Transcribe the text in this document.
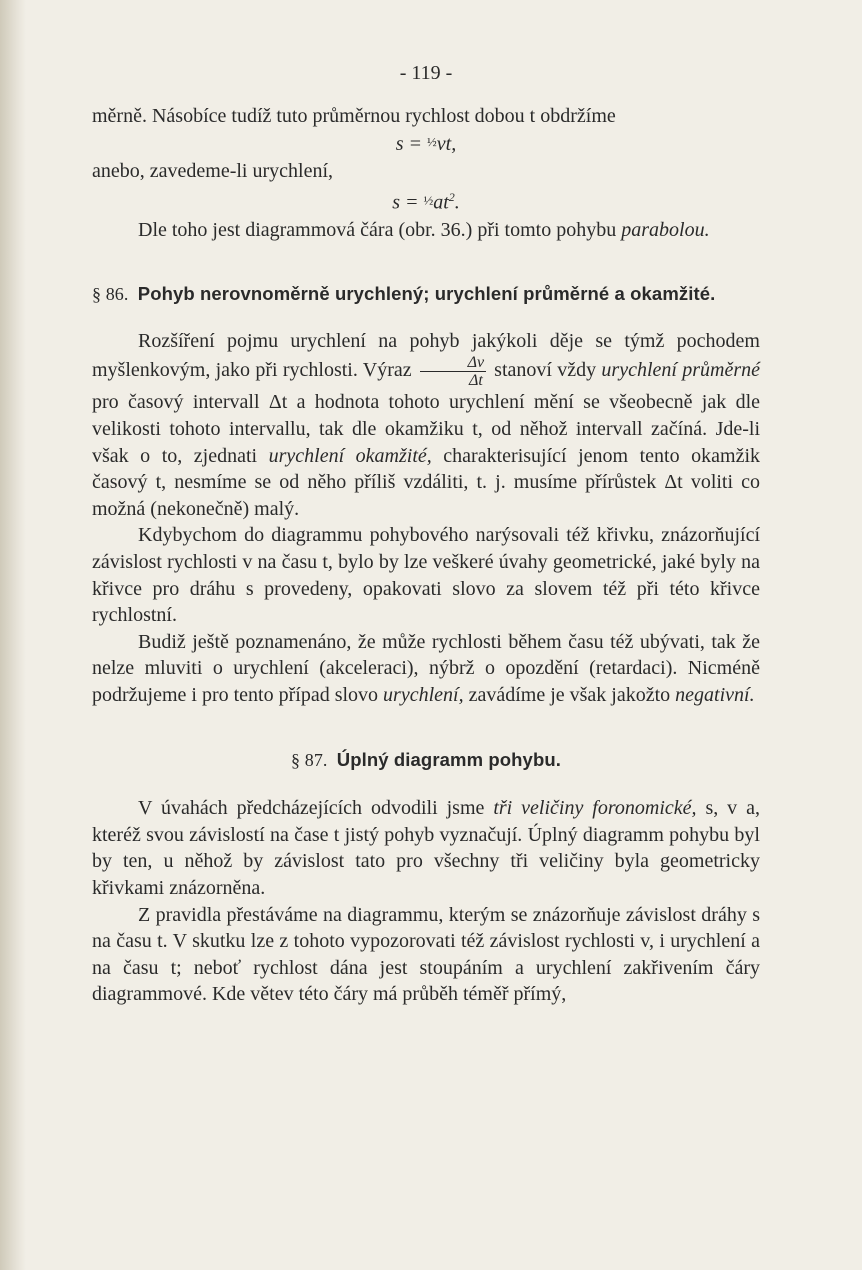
- 119 -

měrně. Násobíce tudíž tuto průměrnou rychlost dobou t obdržíme

s = $^{\frac{1}{2}}$vt,

anebo, zavedeme-li urychlení,

$s = ^{\frac{1}{2}}at^2$.

Dle toho jest diagrammová čára (obr. 36.) při tomto pohybu parabolou.

§ 86. Pohyb nerovnoměrně urychlený; urychlení průměrné a okamžité.

Rozšíření pojmu urychlení na pohyb jakýkoli děje se týmž pochodem myšlenkovým, jako při rychlosti. Výraz $\frac{\Delta v}{\Delta t}$ stanoví vždy urychlení průměrné pro časový intervall Δt a hodnota tohoto urychlení mění se všeobecně jak dle velikosti tohoto intervallu, tak dle okamžiku t, od něhož intervall začíná. Jde-li však o to, zjednati urychlení okamžité, charakterisující jenom tento okamžik časový t, nesmíme se od něho příliš vzdáliti, t. j. musíme přírůstek Δt voliti co možná (nekonečně) malý.

Kdybychom do diagrammu pohybového narýsovali též křivku, znázorňující závislost rychlosti v na času t, bylo by lze veškeré úvahy geometrické, jaké byly na křivce pro dráhu s provedeny, opakovati slovo za slovem též při této křivce rychlostní.

Budiž ještě poznamenáno, že může rychlosti během času též ubývati, tak že nelze mluviti o urychlení (akceleraci), nýbrž o opozdění (retardaci). Nicméně podržujeme i pro tento případ slovo urychlení, zavádíme je však jakožto negativní.

§ 87. Úplný diagramm pohybu.

V úvahách předcházejících odvodili jsme tři veličiny foronomické, s, v a, kteréž svou závislostí na čase t jistý pohyb vyznačují. Úplný diagramm pohybu byl by ten, u něhož by závislost tato pro všechny tři veličiny byla geometricky křivkami znázorněna.

Z pravidla přestáváme na diagrammu, kterým se znázorňuje závislost dráhy s na času t. V skutku lze z tohoto vypozorovati též závislost rychlosti v, i urychlení a na času t; neboť rychlost dána jest stoupáním a urychlení zakřivením čáry diagrammové. Kde větev této čáry má průběh téměř přímý,
